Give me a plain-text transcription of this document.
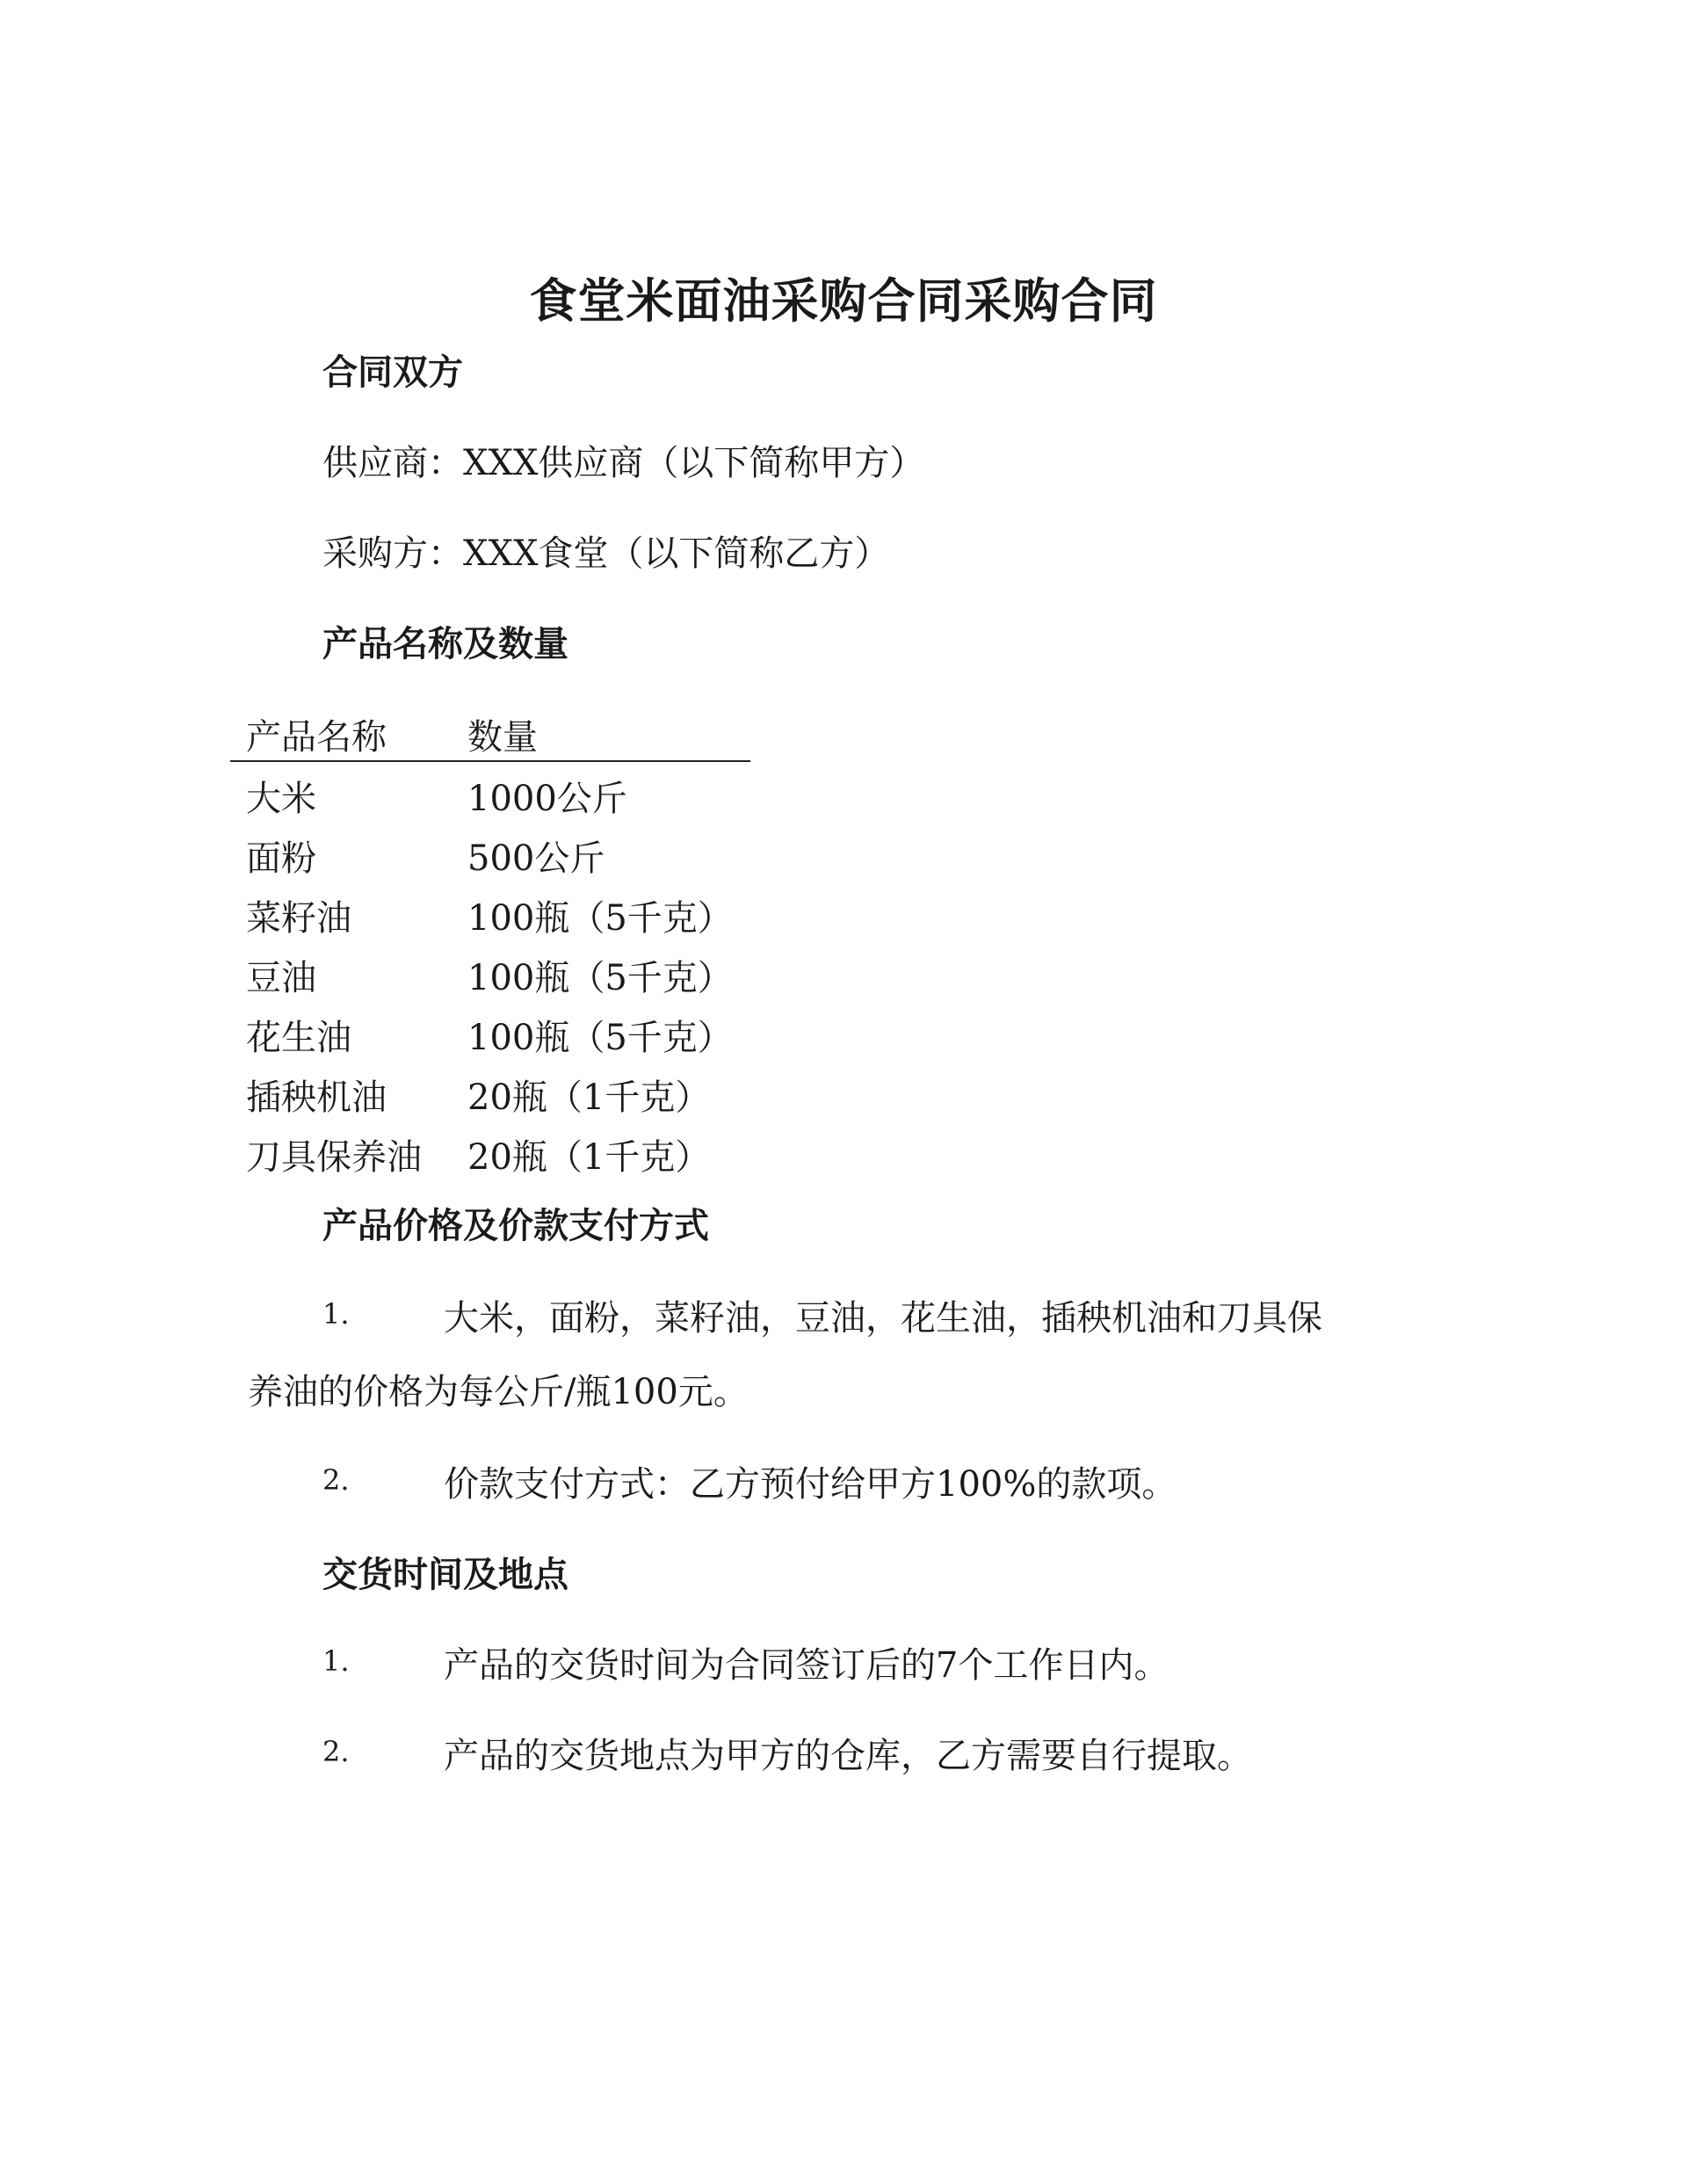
食堂米面油采购合同采购合同
合同双方
供应商：XXX供应商（以下简称甲方）
采购方：XXX食堂（以下简称乙方）
产品名称及数量
产品名称 数量
大米	1000公斤
面粉	500公斤
菜籽油	100瓶（5千克）
豆油	100瓶（5千克）
花生油	100瓶（5千克）
插秧机油 20瓶（1千克）
刀具保养油 20瓶（1千克）
产品价格及价款支付方式
1.	大米，面粉，菜籽油，豆油，花生油，插秧机油和刀具保
养油的价格为每公斤/瓶100元。
2.	价款支付方式：乙方预付给甲方100%的款项。
交货时间及地点
1.	产品的交货时间为合同签订后的7个工作日内。
2.	产品的交货地点为甲方的仓库，乙方需要自行提取。
